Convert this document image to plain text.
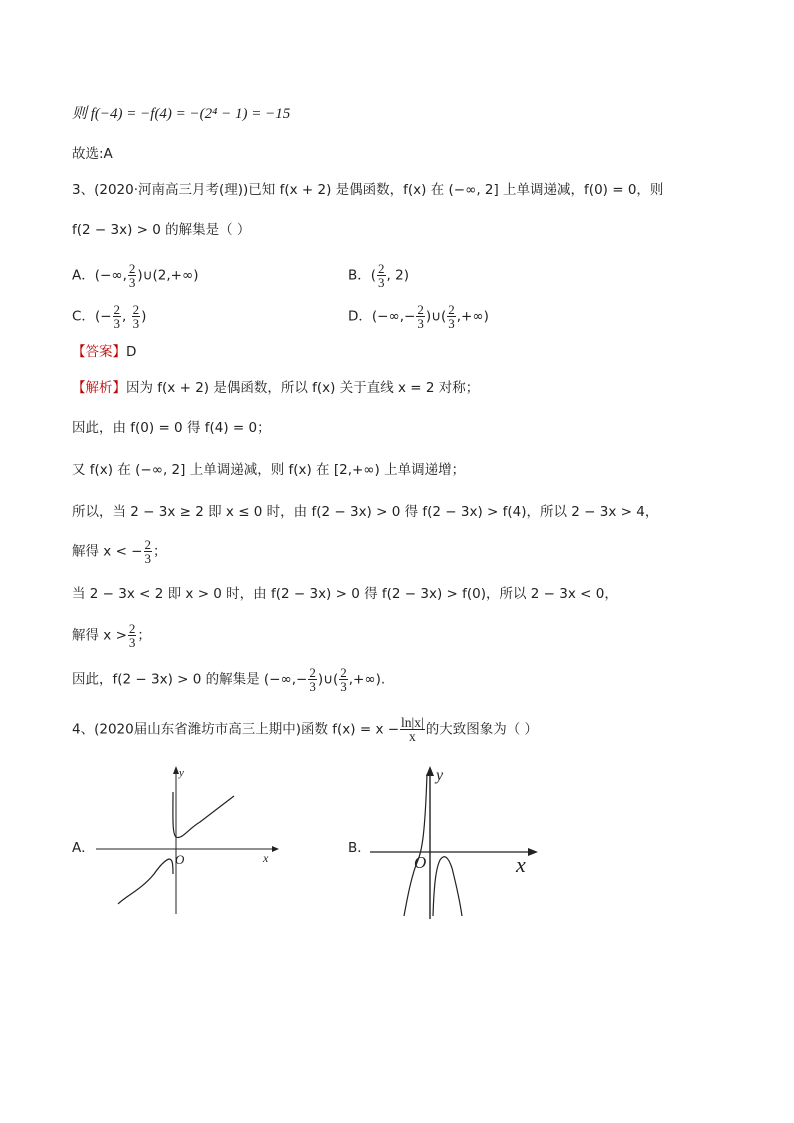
则 f(−4) = −f(4) = −(2⁴ − 1) = −15
故选:A
3、(2020·河南高三月考(理))已知 f(x + 2) 是偶函数，f(x) 在 (−∞, 2] 上单调递减，f(0) = 0，则
f(2 − 3x) > 0 的解集是（ ）
A．(−∞, $\frac{2}{3}$ )∪(2,+∞)	B．( $\frac{2}{3}$ , 2)
C．(− $\frac{2}{3}$ , $\frac{2}{3}$ )	D．(−∞,− $\frac{2}{3}$ )∪( $\frac{2}{3}$ ,+∞)
【答案】D
【解析】因为 f(x + 2) 是偶函数，所以 f(x) 关于直线 x = 2 对称；
因此，由 f(0) = 0 得 f(4) = 0；
又 f(x) 在 (−∞, 2] 上单调递减，则 f(x) 在 [2,+∞) 上单调递增；
所以，当 2 − 3x ≥ 2 即 x ≤ 0 时，由 f(2 − 3x) > 0 得 f(2 − 3x) > f(4)，所以 2 − 3x > 4，
解得 x < − $\frac{2}{3}$ ；
当 2 − 3x < 2 即 x > 0 时，由 f(2 − 3x) > 0 得 f(2 − 3x) > f(0)，所以 2 − 3x < 0，
解得 $x > \frac{2}{3}$ ；
因此，f(2 − 3x) > 0 的解集是 (−∞,− $\frac{2}{3}$ )∪( $\frac{2}{3}$ ,+∞).
4、(2020届山东省潍坊市高三上期中)函数 $f(x) = x - \frac{\ln|x|}{x}$ 的大致图象为（ ）
A．
y
x
O
B．
y
x
O
